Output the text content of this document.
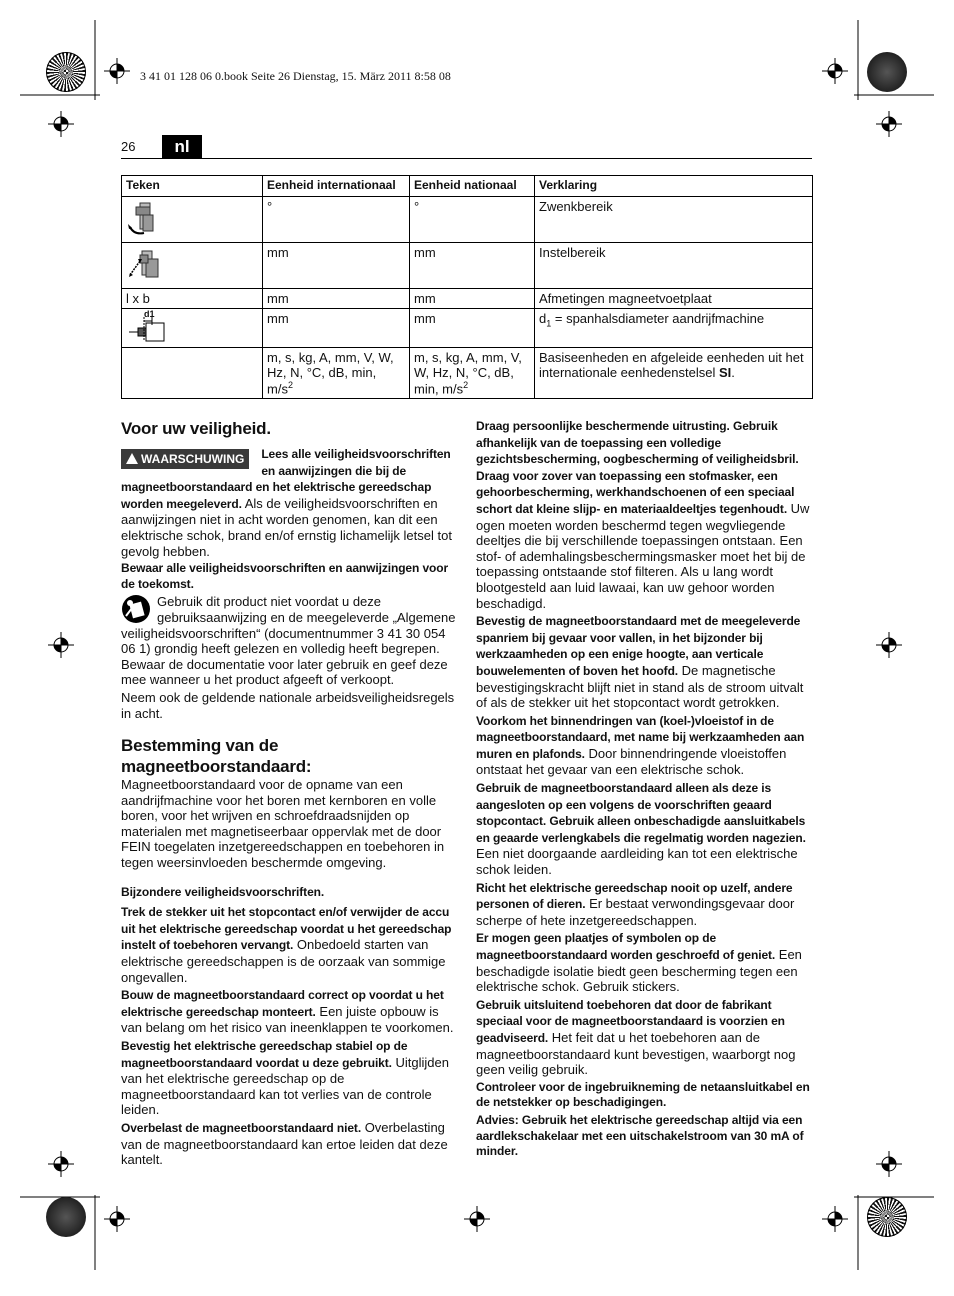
3 41 01 128 06 0.book Seite 26 Dienstag, 15. März 2011 8:58 08
26	nl
Teken	Eenheid internationaal	Eenheid nationaal	Verklaring
	°	°	Zwenkbereik
	mm	mm	Instelbereik
l x b	mm	mm	Afmetingen magneetvoetplaat

d1	mm	mm	$d_1$ = spanhalsdiameter aandrijfmachine
	m, s, kg, A, mm, V, W, Hz, N, °C, dB, min, $m/s^2$	m, s, kg, A, mm, V, W, Hz, N, °C, dB, min, $m/s^2$	Basiseenheden en afgeleide eenheden uit het internationale eenhedenstelsel SI.
Voor uw veiligheid.
WAARSCHUWING	Lees alle veiligheidsvoorschriften en aanwijzingen die bij de magneetboorstandaard en het elektrische gereedschap worden meegeleverd. Als de veiligheidsvoorschriften en aanwijzingen niet in acht worden genomen, kan dit een elektrische schok, brand en/of ernstig lichamelijk letsel tot gevolg hebben.

Bewaar alle veiligheidsvoorschriften en aanwijzingen voor de toekomst.

Gebruik dit product niet voordat u deze gebruiksaanwijzing en de meegeleverde „Algemene veiligheidsvoorschriften“ (documentnummer 3 41 30 054 06 1) grondig heeft gelezen en volledig heeft begrepen. Bewaar de documentatie voor later gebruik en geef deze mee wanneer u het product afgeeft of verkoopt.

Neem ook de geldende nationale arbeidsveiligheidsregels in acht.

Bestemming van de
magneetboorstandaard:

Magneetboorstandaard voor de opname van een aandrijfmachine voor het boren met kernboren en volle boren, voor het wrijven en schroefdraadsnijden op materialen met magnetiseerbaar oppervlak met de door FEIN toegelaten inzetgereedschappen en toebehoren in tegen weersinvloeden beschermde omgeving.

Bijzondere veiligheidsvoorschriften.

Trek de stekker uit het stopcontact en/of verwijder de accu uit het elektrische gereedschap voordat u het gereedschap instelt of toebehoren vervangt. Onbedoeld starten van elektrische gereedschappen is de oorzaak van sommige ongevallen.

Bouw de magneetboorstandaard correct op voordat u het elektrische gereedschap monteert. Een juiste opbouw is van belang om het risico van ineenklappen te voorkomen.

Bevestig het elektrische gereedschap stabiel op de magneetboorstandaard voordat u deze gebruikt. Uitglijden van het elektrische gereedschap op de magneetboorstandaard kan tot verlies van de controle leiden.

Overbelast de magneetboorstandaard niet. Overbelasting van de magneetboorstandaard kan ertoe leiden dat deze kantelt.

Draag persoonlijke beschermende uitrusting. Gebruik afhankelijk van de toepassing een volledige gezichtsbescherming, oogbescherming of veiligheidsbril. Draag voor zover van toepassing een stofmasker, een gehoorbescherming, werkhandschoenen of een speciaal schort dat kleine slijp- en materiaaldeeltjes tegenhoudt. Uw ogen moeten worden beschermd tegen wegvliegende deeltjes die bij verschillende toepassingen ontstaan. Een stof- of ademhalingsbeschermingsmasker moet het bij de toepassing ontstaande stof filteren. Als u lang wordt blootgesteld aan luid lawaai, kan uw gehoor worden beschadigd.

Bevestig de magneetboorstandaard met de meegeleverde spanriem bij gevaar voor vallen, in het bijzonder bij werkzaamheden op een enige hoogte, aan verticale bouwelementen of boven het hoofd. De magnetische bevestigingskracht blijft niet in stand als de stroom uitvalt of als de stekker uit het stopcontact wordt getrokken.

Voorkom het binnendringen van (koel-)vloeistof in de magneetboorstandaard, met name bij werkzaamheden aan muren en plafonds. Door binnendringende vloeistoffen ontstaat het gevaar van een elektrische schok.

Gebruik de magneetboorstandaard alleen als deze is aangesloten op een volgens de voorschriften geaard stopcontact. Gebruik alleen onbeschadigde aansluitkabels en geaarde verlengkabels die regelmatig worden nagezien. Een niet doorgaande aardleiding kan tot een elektrische schok leiden.

Richt het elektrische gereedschap nooit op uzelf, andere personen of dieren. Er bestaat verwondingsgevaar door scherpe of hete inzetgereedschappen.

Er mogen geen plaatjes of symbolen op de magneetboorstandaard worden geschroefd of geniet. Een beschadigde isolatie biedt geen bescherming tegen een elektrische schok. Gebruik stickers.

Gebruik uitsluitend toebehoren dat door de fabrikant speciaal voor de magneetboorstandaard is voorzien en geadviseerd. Het feit dat u het toebehoren aan de magneetboorstandaard kunt bevestigen, waarborgt nog geen veilig gebruik.

Controleer voor de ingebruikneming de netaansluitkabel en de netstekker op beschadigingen.

Advies: Gebruik het elektrische gereedschap altijd via een aardlekschakelaar met een uitschakelstroom van 30 mA of minder.
